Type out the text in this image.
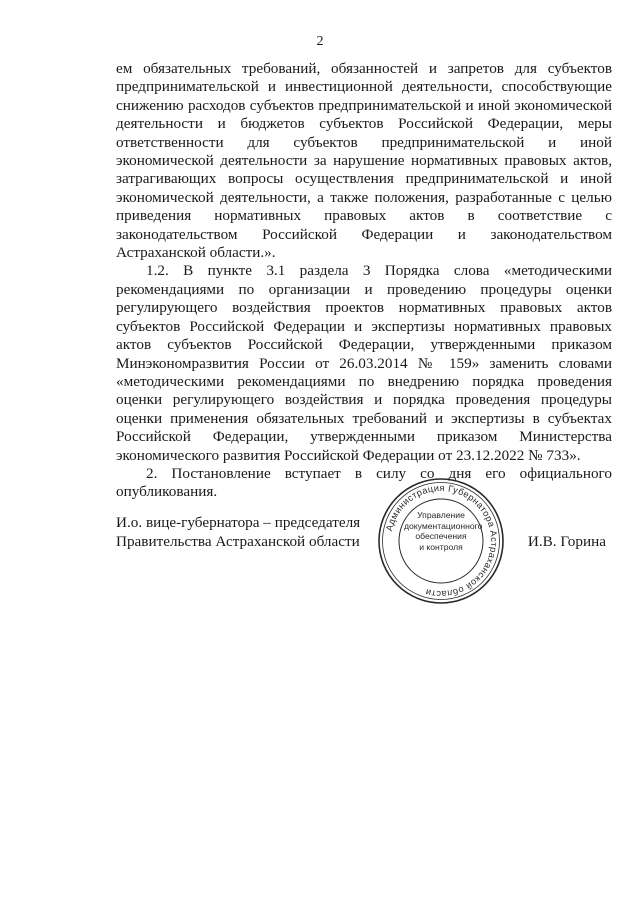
2

ем обязательных требований, обязанностей и запретов для субъектов предпринимательской и инвестиционной деятельности, способствующие снижению расходов субъектов предпринимательской и иной экономической деятельности и бюджетов субъектов Российской Федерации, меры ответственности для субъектов предпринимательской и иной экономической деятельности за нарушение нормативных правовых актов, затрагивающих вопросы осуществления предпринимательской и иной экономической деятельности, а также положения, разработанные с целью приведения нормативных правовых актов в соответствие с законодательством Российской Федерации и законодательством Астраханской области.».

1.2. В пункте 3.1 раздела 3 Порядка слова «методическими рекомендациями по организации и проведению процедуры оценки регулирующего воздействия проектов нормативных правовых актов субъектов Российской Федерации и экспертизы нормативных правовых актов субъектов Российской Федерации, утвержденными приказом Минэкономразвития России от 26.03.2014 № 159» заменить словами «методическими рекомендациями по внедрению порядка проведения оценки регулирующего воздействия и порядка проведения процедуры оценки применения обязательных требований и экспертизы в субъектах Российской Федерации, утвержденными приказом Министерства экономического развития Российской Федерации от 23.12.2022 № 733».

2. Постановление вступает в силу со дня его официального опубликования.

И.о. вице-губернатора – председателя
Правительства Астраханской области
Администрация Губернатора Астраханской области
Управление
документационного
обеспечения
и контроля	И.В. Горина
